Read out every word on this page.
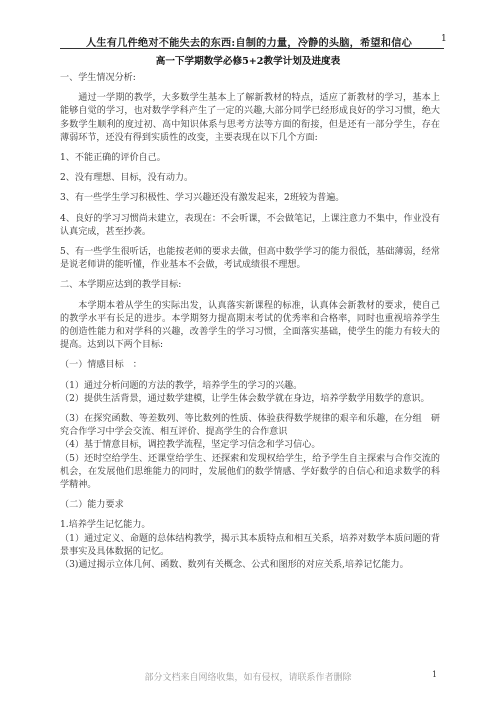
人生有几件绝对不能失去的东西:自制的力量，冷静的头脑，希望和信心	1
高一下学期数学必修5+2教学计划及进度表

一、学生情况分析:

通过一学期的教学，大多数学生基本上了解新教材的特点，适应了新教材的学习，基本上能够自觉的学习，也对数学学科产生了一定的兴趣,大部分同学已经形成良好的学习习惯，绝大多数学生顺利的度过初、高中知识体系与思考方法等方面的衔接，但是还有一部分学生，存在薄弱环节，还没有得到实质性的改变，主要表现在以下几个方面:

1、不能正确的评价自己。

2、没有理想、目标，没有动力。

3、有一些学生学习积极性、学习兴趣还没有激发起来，2班较为普遍。

4、良好的学习习惯尚未建立，表现在：不会听课，不会做笔记，上课注意力不集中，作业没有认真完成，甚至抄袭。

5、有一些学生很听话，也能按老师的要求去做，但高中数学学习的能力很低，基础薄弱，经常是说老师讲的能听懂，作业基本不会做，考试成绩很不理想。

二、本学期应达到的教学目标:

本学期本着从学生的实际出发，认真落实新课程的标准，认真体会新教材的要求，使自己的教学水平有长足的进步。本学期努力提高期末考试的优秀率和合格率，同时也重视培养学生的创造性能力和对学科的兴趣，改善学生的学习习惯，全面落实基础，使学生的能力有较大的提高。达到以下两个目标:

（一）情感目标　：

（1）通过分析问题的方法的教学，培养学生的学习的兴趣。

（2）提供生活背景，通过数学建模，让学生体会数学就在身边，培养学数学用数学的意识。

（3）在探究函数、等差数列、等比数列的性质、体验获得数学规律的艰辛和乐趣，在分组　研究合作学习中学会交流、相互评价、提高学生的合作意识

（4）基于情意目标，调控教学流程，坚定学习信念和学习信心。

（5）还时空给学生、还课堂给学生、还探索和发现权给学生，给予学生自主探索与合作交流的机会，在发展他们思维能力的同时，发展他们的数学情感、学好数学的自信心和追求数学的科学精神。

（二）能力要求

1.培养学生记忆能力。

（1）通过定义、命题的总体结构教学，揭示其本质特点和相互关系，培养对数学本质问题的背景事实及具体数据的记忆。

（3)通过揭示立体几何、函数、数列有关概念、公式和图形的对应关系,培养记忆能力。

部分文档来自网络收集，如有侵权，请联系作者删除	1
